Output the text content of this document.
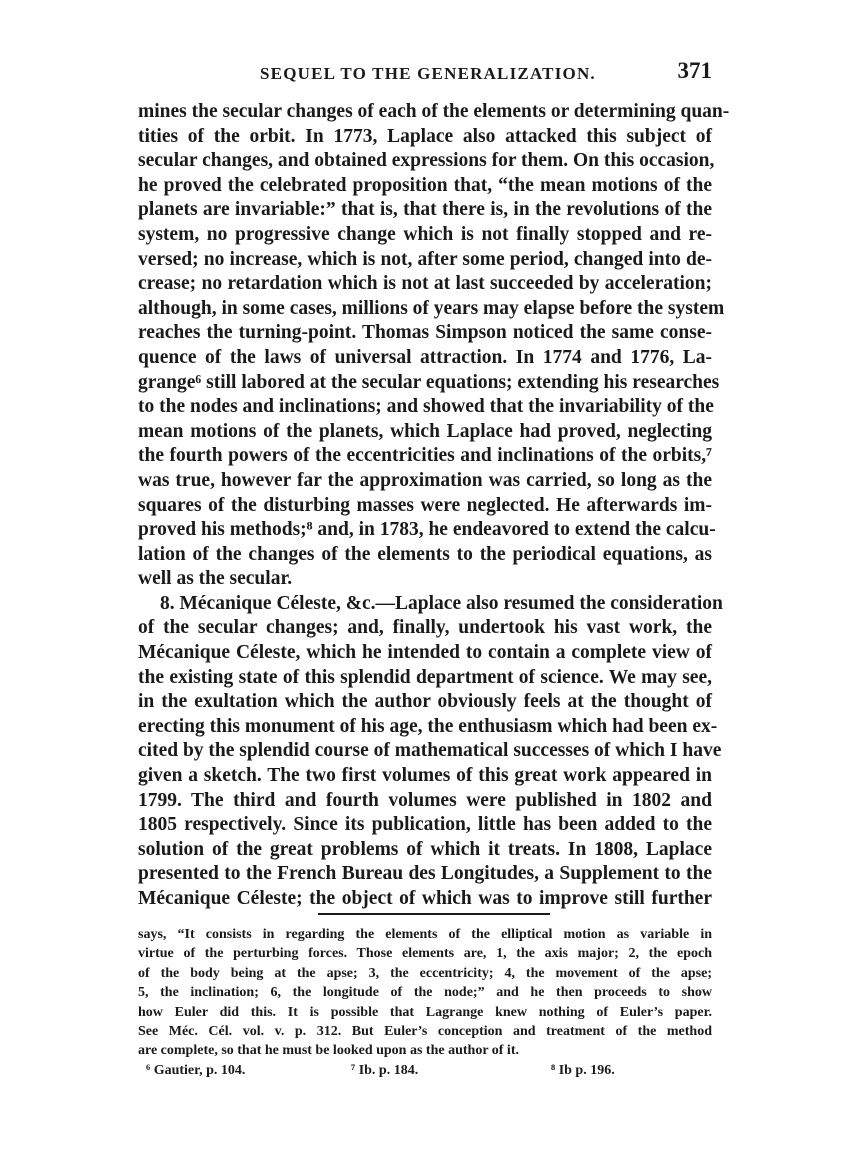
SEQUEL TO THE GENERALIZATION.	371
mines the secular changes of each of the elements or determining quan-
tities of the orbit. In 1773, Laplace also attacked this subject of
secular changes, and obtained expressions for them. On this occasion,
he proved the celebrated proposition that, “the mean motions of the
planets are invariable:” that is, that there is, in the revolutions of the
system, no progressive change which is not finally stopped and re-
versed; no increase, which is not, after some period, changed into de-
crease; no retardation which is not at last succeeded by acceleration;
although, in some cases, millions of years may elapse before the system
reaches the turning-point. Thomas Simpson noticed the same conse-
quence of the laws of universal attraction. In 1774 and 1776, La-
grange⁶ still labored at the secular equations; extending his researches
to the nodes and inclinations; and showed that the invariability of the
mean motions of the planets, which Laplace had proved, neglecting
the fourth powers of the eccentricities and inclinations of the orbits,⁷
was true, however far the approximation was carried, so long as the
squares of the disturbing masses were neglected. He afterwards im-
proved his methods;⁸ and, in 1783, he endeavored to extend the calcu-
lation of the changes of the elements to the periodical equations, as
well as the secular.
8. Mécanique Céleste, &c.—Laplace also resumed the consideration
of the secular changes; and, finally, undertook his vast work, the
Mécanique Céleste, which he intended to contain a complete view of
the existing state of this splendid department of science. We may see,
in the exultation which the author obviously feels at the thought of
erecting this monument of his age, the enthusiasm which had been ex-
cited by the splendid course of mathematical successes of which I have
given a sketch. The two first volumes of this great work appeared in
1799. The third and fourth volumes were published in 1802 and
1805 respectively. Since its publication, little has been added to the
solution of the great problems of which it treats. In 1808, Laplace
presented to the French Bureau des Longitudes, a Supplement to the
Mécanique Céleste; the object of which was to improve still further
says, “It consists in regarding the elements of the elliptical motion as variable in
virtue of the perturbing forces. Those elements are, 1, the axis major; 2, the epoch
of the body being at the apse; 3, the eccentricity; 4, the movement of the apse;
5, the inclination; 6, the longitude of the node;” and he then proceeds to show
how Euler did this. It is possible that Lagrange knew nothing of Euler’s paper.
See Méc. Cél. vol. v. p. 312. But Euler’s conception and treatment of the method
are complete, so that he must be looked upon as the author of it.
⁶ Gautier, p. 104.	⁷ Ib. p. 184.	⁸ Ib p. 196.
